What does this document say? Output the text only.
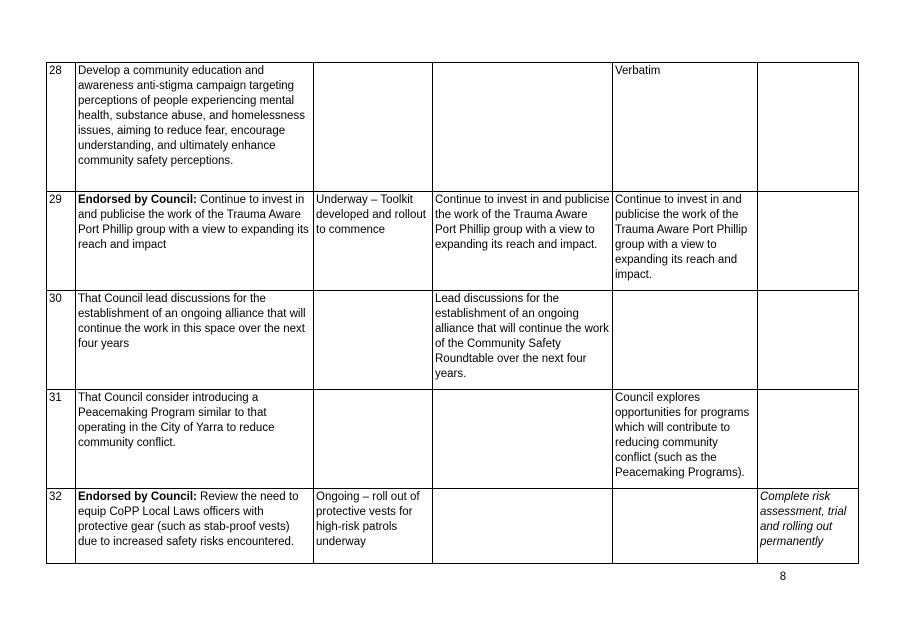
28	Develop a community education and awareness anti-stigma campaign targeting perceptions of people experiencing mental health, substance abuse, and homelessness issues, aiming to reduce fear, encourage understanding, and ultimately enhance community safety perceptions.			Verbatim	
29	Endorsed by Council: Continue to invest in and publicise the work of the Trauma Aware Port Phillip group with a view to expanding its reach and impact	Underway – Toolkit developed and rollout to commence	Continue to invest in and publicise the work of the Trauma Aware Port Phillip group with a view to expanding its reach and impact.	Continue to invest in and publicise the work of the Trauma Aware Port Phillip group with a view to expanding its reach and impact.	
30	That Council lead discussions for the establishment of an ongoing alliance that will continue the work in this space over the next four years		Lead discussions for the establishment of an ongoing alliance that will continue the work of the Community Safety Roundtable over the next four years.		
31	That Council consider introducing a Peacemaking Program similar to that operating in the City of Yarra to reduce community conflict.			Council explores opportunities for programs which will contribute to reducing community conflict (such as the Peacemaking Programs).	
32	Endorsed by Council: Review the need to equip CoPP Local Laws officers with protective gear (such as stab-proof vests) due to increased safety risks encountered.	Ongoing – roll out of protective vests for high-risk patrols underway			Complete risk assessment, trial and rolling out permanently
8
